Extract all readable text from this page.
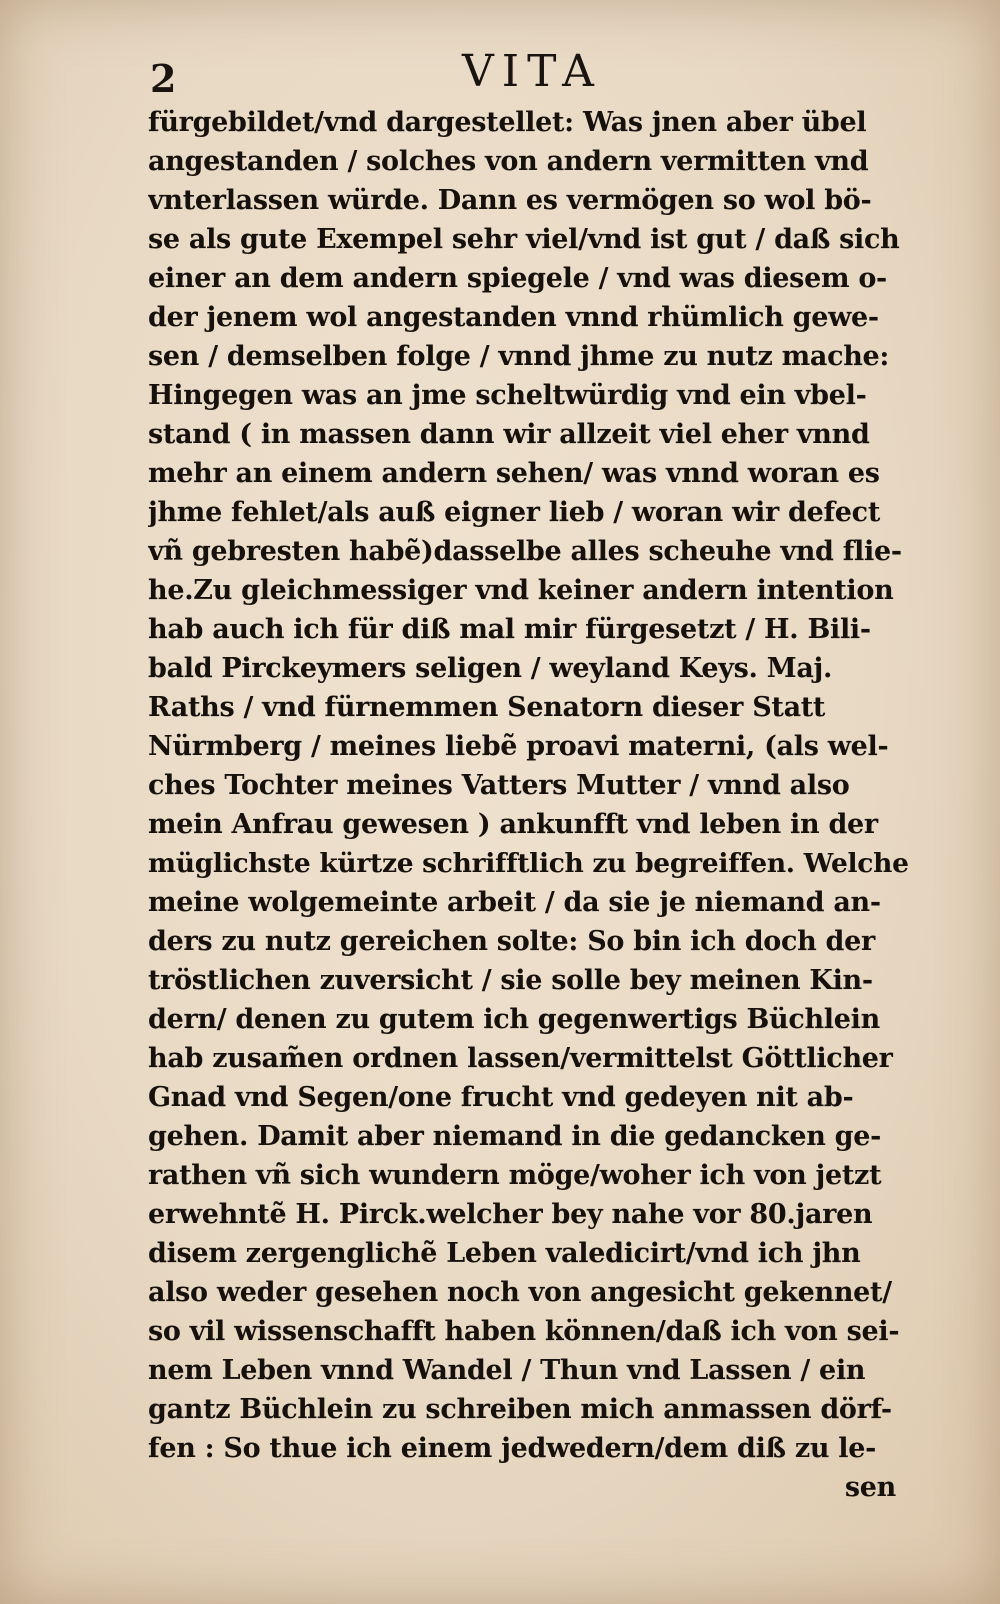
2	VITA
fürgebildet/vnd dargestellet: Was jnen aber übel
angestanden / solches von andern vermitten vnd
vnterlassen würde. Dann es vermögen so wol bö-
se als gute Exempel sehr viel/vnd ist gut / daß sich
einer an dem andern spiegele / vnd was diesem o-
der jenem wol angestanden vnnd rhümlich gewe-
sen / demselben folge / vnnd jhme zu nutz mache:
Hingegen was an jme scheltwürdig vnd ein vbel-
stand ( in massen dann wir allzeit viel eher vnnd
mehr an einem andern sehen/ was vnnd woran es
jhme fehlet/als auß eigner lieb / woran wir defect
vñ gebresten habẽ)dasselbe alles scheuhe vnd flie-
he.Zu gleichmessiger vnd keiner andern intention
hab auch ich für diß mal mir fürgesetzt / H. Bili-
bald Pirckeymers seligen / weyland Keys. Maj.
Raths / vnd fürnemmen Senatorn dieser Statt
Nürmberg / meines liebẽ proavi materni, (als wel-
ches Tochter meines Vatters Mutter / vnnd also
mein Anfrau gewesen ) ankunfft vnd leben in der
müglichste kürtze schrifftlich zu begreiffen. Welche
meine wolgemeinte arbeit / da sie je niemand an-
ders zu nutz gereichen solte: So bin ich doch der
tröstlichen zuversicht / sie solle bey meinen Kin-
dern/ denen zu gutem ich gegenwertigs Büchlein
hab zusam̃en ordnen lassen/vermittelst Göttlicher
Gnad vnd Segen/one frucht vnd gedeyen nit ab-
gehen. Damit aber niemand in die gedancken ge-
rathen vñ sich wundern möge/woher ich von jetzt
erwehntẽ H. Pirck.welcher bey nahe vor 80.jaren
disem zergenglichẽ Leben valedicirt/vnd ich jhn
also weder gesehen noch von angesicht gekennet/
so vil wissenschafft haben können/daß ich von sei-
nem Leben vnnd Wandel / Thun vnd Lassen / ein
gantz Büchlein zu schreiben mich anmassen dörf-
fen : So thue ich einem jedwedern/dem diß zu le-
sen
